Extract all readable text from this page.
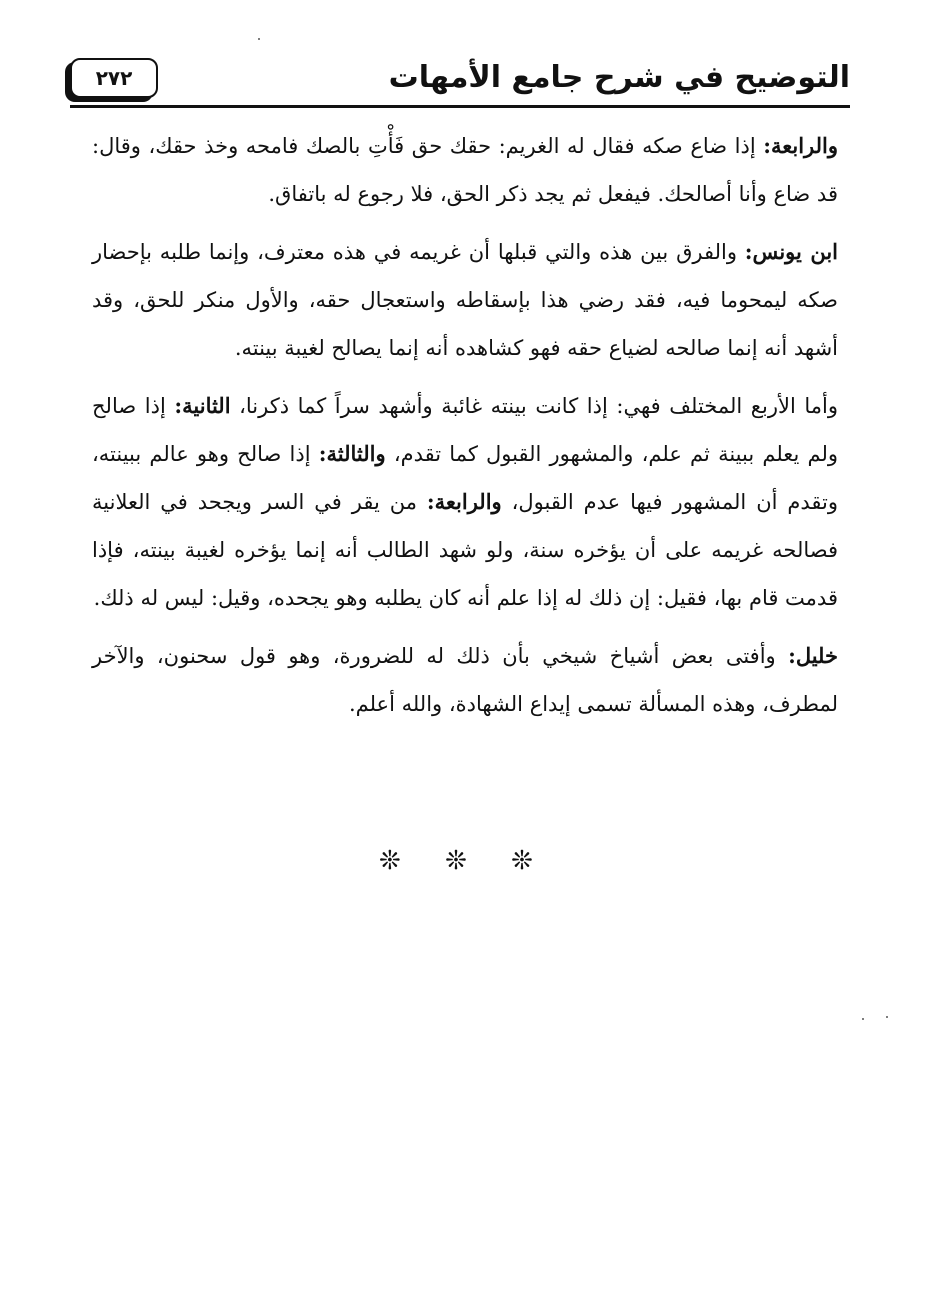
التوضيح في شرح جامع الأمهات
٢٧٢

والرابعة: إذا ضاع صكه فقال له الغريم: حقك حق فَأْتِ بالصك فامحه وخذ حقك، وقال: قد ضاع وأنا أصالحك. فيفعل ثم يجد ذكر الحق، فلا رجوع له باتفاق.

ابن يونس: والفرق بين هذه والتي قبلها أن غريمه في هذه معترف، وإنما طلبه بإحضار صكه ليمحوما فيه، فقد رضي هذا بإسقاطه واستعجال حقه، والأول منكر للحق، وقد أشهد أنه إنما صالحه لضياع حقه فهو كشاهده أنه إنما يصالح لغيبة بينته.

وأما الأربع المختلف فهي: إذا كانت بينته غائبة وأشهد سراً كما ذكرنا، الثانية: إذا صالح ولم يعلم ببينة ثم علم، والمشهور القبول كما تقدم، والثالثة: إذا صالح وهو عالم ببينته، وتقدم أن المشهور فيها عدم القبول، والرابعة: من يقر في السر ويجحد في العلانية فصالحه غريمه على أن يؤخره سنة، ولو شهد الطالب أنه إنما يؤخره لغيبة بينته، فإذا قدمت قام بها، فقيل: إن ذلك له إذا علم أنه كان يطلبه وهو يجحده، وقيل: ليس له ذلك.

خليل: وأفتى بعض أشياخ شيخي بأن ذلك له للضرورة، وهو قول سحنون، والآخر لمطرف، وهذه المسألة تسمى إيداع الشهادة، والله أعلم.

❊ ❊ ❊
